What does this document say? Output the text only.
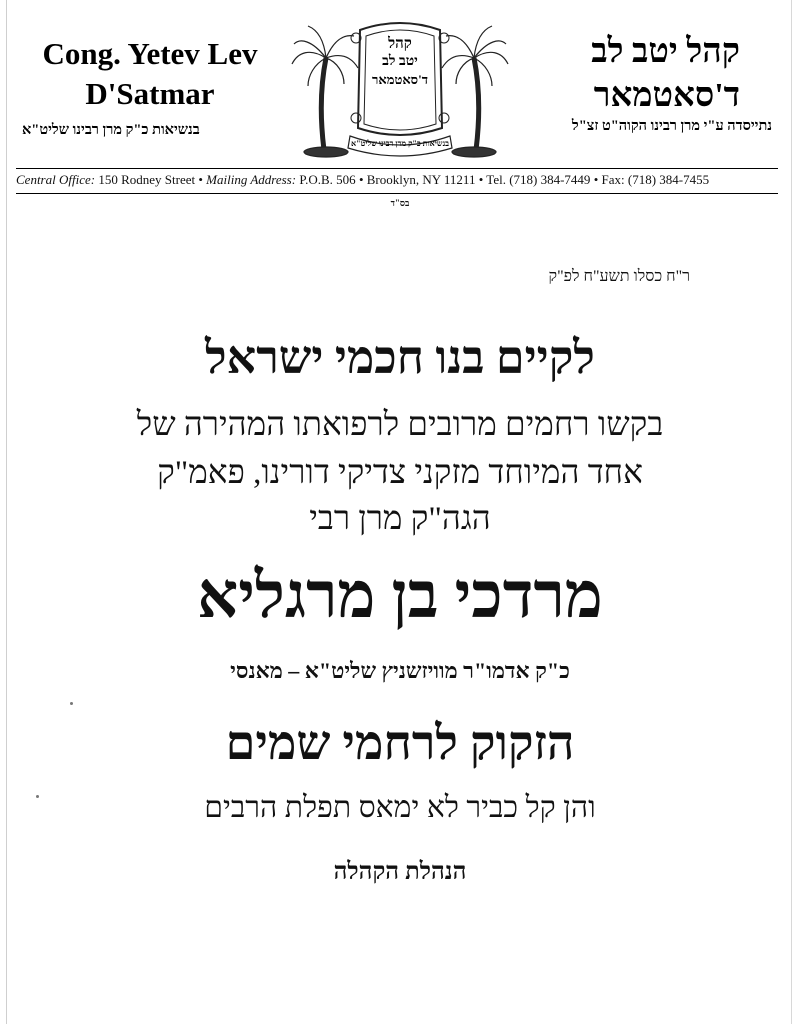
Cong. Yetev Lev
D'Satmar
קהל יטב לב
ד'סאטמאר
נתייסדה ע"י מרן רבינו הקוה"ט זצ"ל
בנשיאות כ"ק מרן רבינו שליט"א
קהל
יטב לב
ד'סאטמאר
בנשיאות כ"ק מרן רבינו שליט"א
Central Office: 150 Rodney Street • Mailing Address: P.O.B. 506 • Brooklyn, NY 11211 • Tel. (718) 384-7449 • Fax: (718) 384-7455
בס"ד
ר"ח כסלו תשע"ח לפ"ק
לקיים בנו חכמי ישראל
בקשו רחמים מרובים לרפואתו המהירה של
אחד המיוחד מזקני צדיקי דורינו, פאמ"ק
הגה"ק מרן רבי
מרדכי בן מרגליא
כ"ק אדמו"ר מוויזשניץ שליט"א – מאנסי
הזקוק לרחמי שמים
והן קל כביר לא ימאס תפלת הרבים
הנהלת הקהלה
